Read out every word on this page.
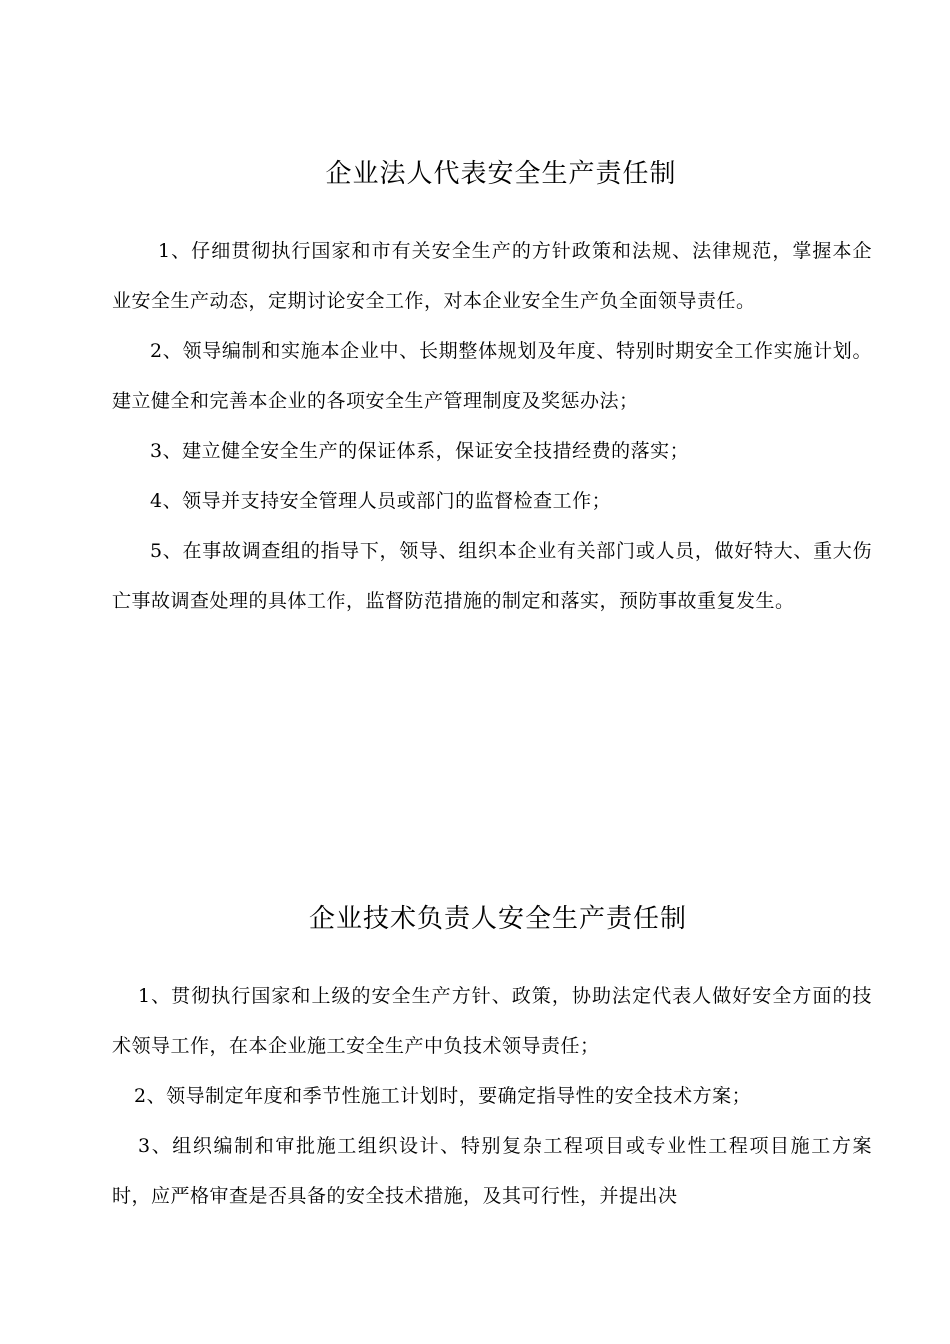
企业法人代表安全生产责任制

1、仔细贯彻执行国家和市有关安全生产的方针政策和法规、法律规范，掌握本企业安全生产动态，定期讨论安全工作，对本企业安全生产负全面领导责任。

2、领导编制和实施本企业中、长期整体规划及年度、特别时期安全工作实施计划。建立健全和完善本企业的各项安全生产管理制度及奖惩办法；

3、建立健全安全生产的保证体系，保证安全技措经费的落实；

4、领导并支持安全管理人员或部门的监督检查工作；

5、在事故调查组的指导下，领导、组织本企业有关部门或人员，做好特大、重大伤亡事故调查处理的具体工作，监督防范措施的制定和落实，预防事故重复发生。

企业技术负责人安全生产责任制

1、贯彻执行国家和上级的安全生产方针、政策，协助法定代表人做好安全方面的技术领导工作，在本企业施工安全生产中负技术领导责任；

2、领导制定年度和季节性施工计划时，要确定指导性的安全技术方案；

3、组织编制和审批施工组织设计、特别复杂工程项目或专业性工程项目施工方案时，应严格审查是否具备的安全技术措施，及其可行性，并提出决
